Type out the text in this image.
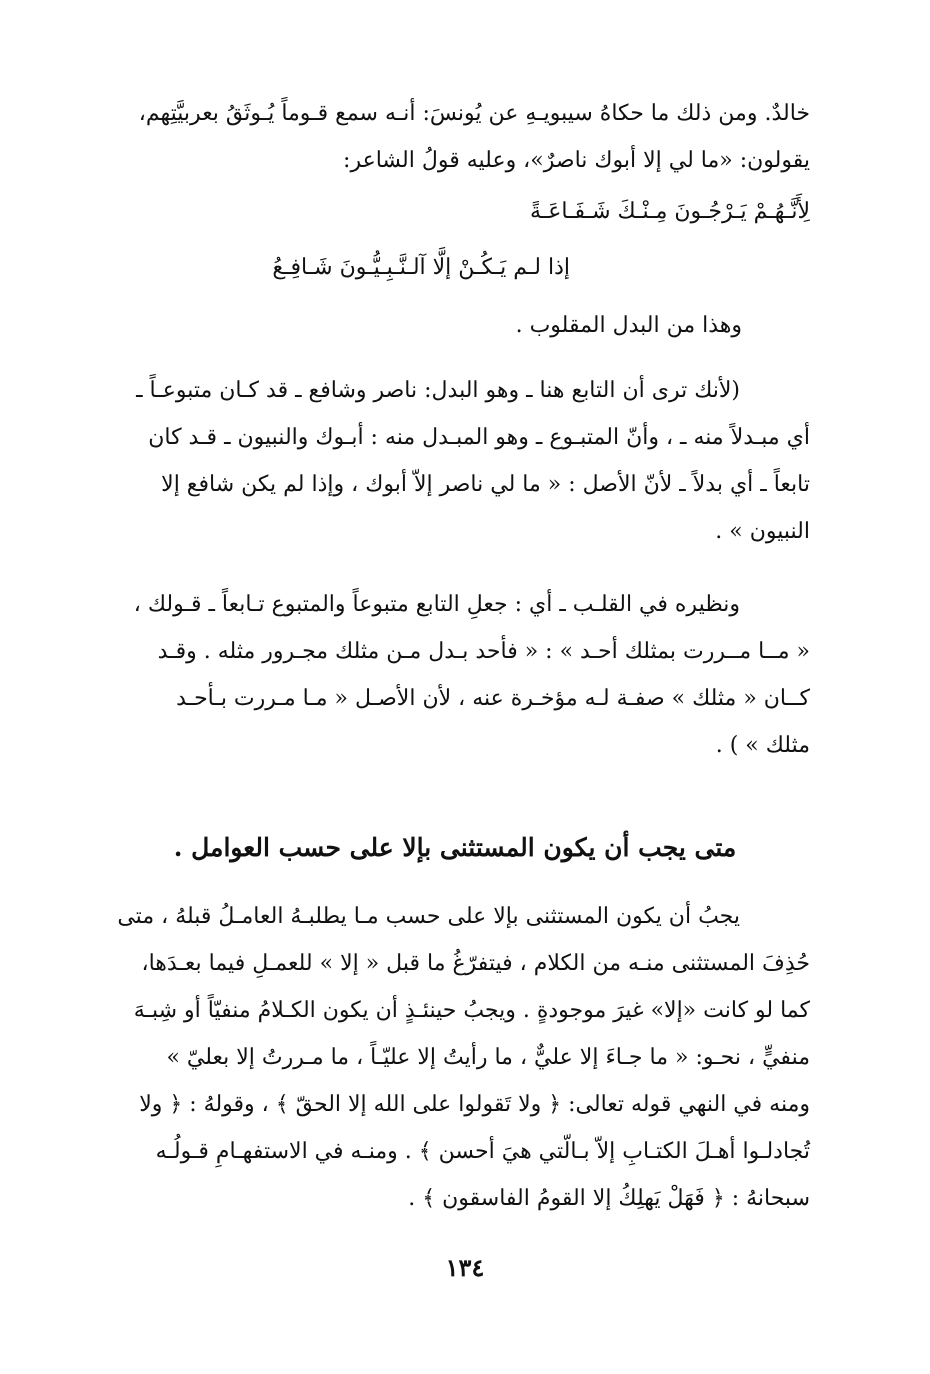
خالدٌ. ومن ذلك ما حكاهُ سيبويـهِ عن يُونسَ: أنـه سمع قـوماً يُـوثَقُ بعربيَّتِهم،
يقولون: «ما لي إلا أبوك ناصرٌ»، وعليه قولُ الشاعر:

لِأَنَّـهُـمْ يَـرْجُـونَ مِـنْـكَ شَـفَـاعَـةً
إذا لـم يَـكُـنْ إلَّا آلـنَّـبِـيُّـونَ شَـافِـعُ

وهذا من البدل المقلوب .

(لأنك ترى أن التابع هنا ـ وهو البدل: ناصر وشافع ـ قد كـان متبوعـاً ـ
أي مبـدلاً منه ـ ، وأنّ المتبـوع ـ وهو المبـدل منه : أبـوك والنبيون ـ قـد كان
تابعاً ـ أي بدلاً ـ لأنّ الأصل : « ما لي ناصر إلاّ أبوك ، وإذا لم يكن شافع إلا
النبيون » .

ونظيره في القلـب ـ أي : جعلِ التابع متبوعاً والمتبوع تـابعاً ـ قـولك ،
« مــا مــررت بمثلك أحـد » : « فأحد بـدل مـن مثلك مجـرور مثله . وقـد
كــان « مثلك » صفـة لـه مؤخـرة عنه ، لأن الأصـل « مـا مـررت بـأحـد
مثلك » ) .

متى يجب أن يكون المستثنى بإلا على حسب العوامل .

يجبُ أن يكون المستثنى بإلا على حسب مـا يطلبـهُ العامـلُ قبلهُ ، متى
حُذِفَ المستثنى منـه من الكلام ، فيتفرّغُ ما قبل « إلا » للعمـلِ فيما بعـدَها،
كما لو كانت «إلا» غيرَ موجودةٍ . ويجبُ حينئـذٍ أن يكون الكـلامُ منفيّاً أو شِبـهَ
منفيٍّ ، نحـو: « ما جـاءَ إلا عليٌّ ، ما رأيتُ إلا عليّـاً ، ما مـررتُ إلا بعليّ »
ومنه في النهي قوله تعالى: ﴿ ولا تَقولوا على الله إلا الحقّ ﴾ ، وقولهُ : ﴿ ولا
تُجادلـوا أهـلَ الكتـابِ إلاّ بـالّتي هيَ أحسن ﴾ . ومنـه في الاستفهـامِ قـولُـه
سبحانهُ : ﴿ فَهَلْ يَهلِكُ إلا القومُ الفاسقون ﴾ .

١٣٤
